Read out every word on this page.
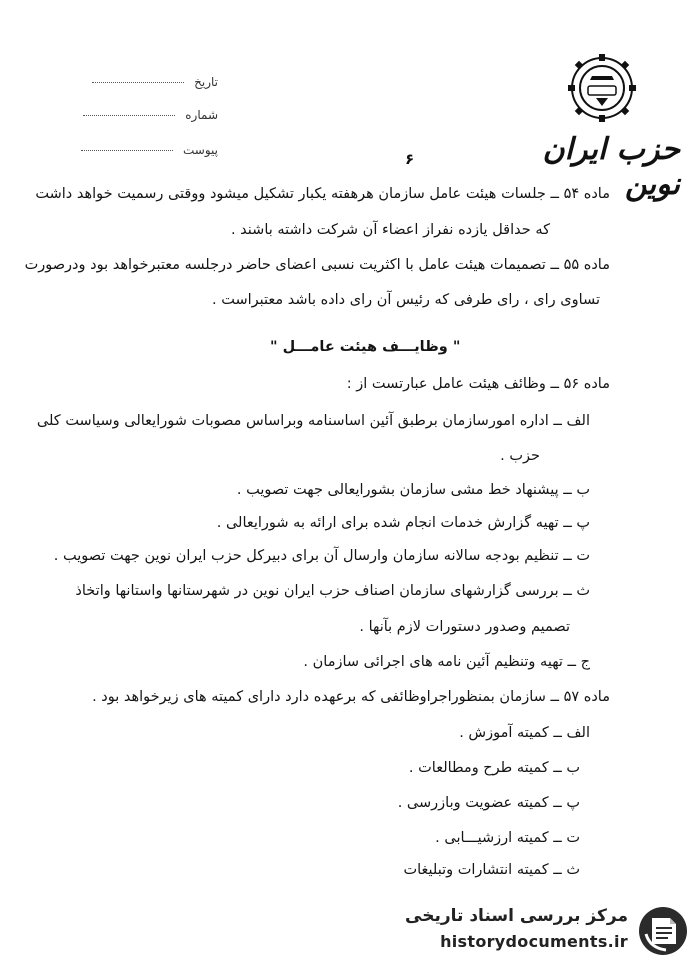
تاریخ
شماره
پیوست	حزب ایران نوین
۶
ماده ۵۴ ــ جلسات هیئت عامل سازمان هرهفته یکبار تشکیل میشود ووقتی رسمیت خواهد داشت
که حداقل یازده نفراز اعضاء آن شرکت داشته باشند .
ماده ۵۵ ــ تصمیمات هیئت عامل با اکثریت نسبی اعضای حاضر درجلسه معتبرخواهد بود ودرصورت
تساوی رای ، رای طرفی که رئیس آن رای داده باشد معتبراست .
" وظایـــف هیئت عامـــل "
ماده ۵۶ ــ وظائف هیئت عامل عبارتست از :
الف ــ اداره امورسازمان برطبق آئین اساسنامه وبراساس مصوبات شورایعالی وسیاست کلی
حزب .
ب ــ پیشنهاد خط مشی سازمان بشورایعالی جهت تصویب .
پ ــ تهیه گزارش خدمات انجام شده برای ارائه به شورایعالی .
ت ــ تنظیم بودجه سالانه سازمان وارسال آن برای دبیرکل حزب ایران نوین جهت تصویب .
ث ــ بررسی گزارشهای سازمان اصناف حزب ایران نوین در شهرستانها واستانها واتخاذ
تصمیم وصدور دستورات لازم بآنها .
ج ــ تهیه وتنظیم آئین نامه های اجرائی سازمان .
ماده ۵۷ ــ سازمان بمنظوراجراوظائفی که برعهده دارد دارای کمیته های زیرخواهد بود .
الف ــ کمیته آموزش .
ب ــ کمیته طرح ومطالعات .
پ ــ کمیته عضویت وبازرسی .
ت ــ کمیته ارزشیـــابی .
ث ــ کمیته انتشارات وتبلیغات
مرکز بررسی اسناد تاریخی
historydocuments.ir
